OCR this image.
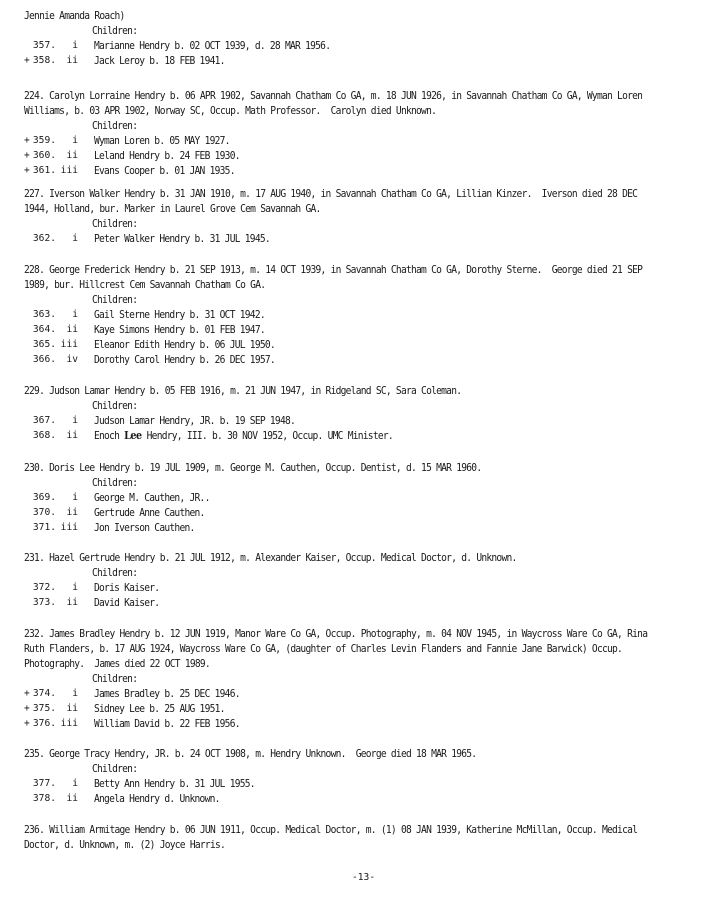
Jennie Amanda Roach)
Children:
357.	i Marianne Hendry b. 02 OCT 1939, d. 28 MAR 1956.
+ 358.	ii Jack Leroy b. 18 FEB 1941.
224. Carolyn Lorraine Hendry b. 06 APR 1902, Savannah Chatham Co GA, m. 18 JUN 1926, in Savannah Chatham Co GA, Wyman Loren
Williams, b. 03 APR 1902, Norway SC, Occup. Math Professor.  Carolyn died Unknown.
Children:
+ 359.	i Wyman Loren b. 05 MAY 1927.
+ 360.	ii Leland Hendry b. 24 FEB 1930.
+ 361. iii Evans Cooper b. 01 JAN 1935.
227. Iverson Walker Hendry b. 31 JAN 1910, m. 17 AUG 1940, in Savannah Chatham Co GA, Lillian Kinzer.  Iverson died 28 DEC
1944, Holland, bur. Marker in Laurel Grove Cem Savannah GA.
Children:
362.	i Peter Walker Hendry b. 31 JUL 1945.
228. George Frederick Hendry b. 21 SEP 1913, m. 14 OCT 1939, in Savannah Chatham Co GA, Dorothy Sterne.  George died 21 SEP
1989, bur. Hillcrest Cem Savannah Chatham Co GA.
Children:
363.	i Gail Sterne Hendry b. 31 OCT 1942.
364.	ii Kaye Simons Hendry b. 01 FEB 1947.
365. iii Eleanor Edith Hendry b. 06 JUL 1950.
366.	iv Dorothy Carol Hendry b. 26 DEC 1957.
229. Judson Lamar Hendry b. 05 FEB 1916, m. 21 JUN 1947, in Ridgeland SC, Sara Coleman.
Children:
367.	i Judson Lamar Hendry, JR. b. 19 SEP 1948.
368.	ii Enoch Lee Hendry, III. b. 30 NOV 1952, Occup. UMC Minister.
230. Doris Lee Hendry b. 19 JUL 1909, m. George M. Cauthen, Occup. Dentist, d. 15 MAR 1960.
Children:
369.	i George M. Cauthen, JR..
370.	ii Gertrude Anne Cauthen.
371. iii Jon Iverson Cauthen.
231. Hazel Gertrude Hendry b. 21 JUL 1912, m. Alexander Kaiser, Occup. Medical Doctor, d. Unknown.
Children:
372.	i Doris Kaiser.
373.	ii David Kaiser.
232. James Bradley Hendry b. 12 JUN 1919, Manor Ware Co GA, Occup. Photography, m. 04 NOV 1945, in Waycross Ware Co GA, Rina
Ruth Flanders, b. 17 AUG 1924, Waycross Ware Co GA, (daughter of Charles Levin Flanders and Fannie Jane Barwick) Occup.
Photography.  James died 22 OCT 1989.
Children:
+ 374.	i James Bradley b. 25 DEC 1946.
+ 375.	ii Sidney Lee b. 25 AUG 1951.
+ 376. iii William David b. 22 FEB 1956.
235. George Tracy Hendry, JR. b. 24 OCT 1908, m. Hendry Unknown.  George died 18 MAR 1965.
Children:
377.	i Betty Ann Hendry b. 31 JUL 1955.
378.	ii Angela Hendry d. Unknown.
236. William Armitage Hendry b. 06 JUN 1911, Occup. Medical Doctor, m. (1) 08 JAN 1939, Katherine McMillan, Occup. Medical
Doctor, d. Unknown, m. (2) Joyce Harris.
-13-
